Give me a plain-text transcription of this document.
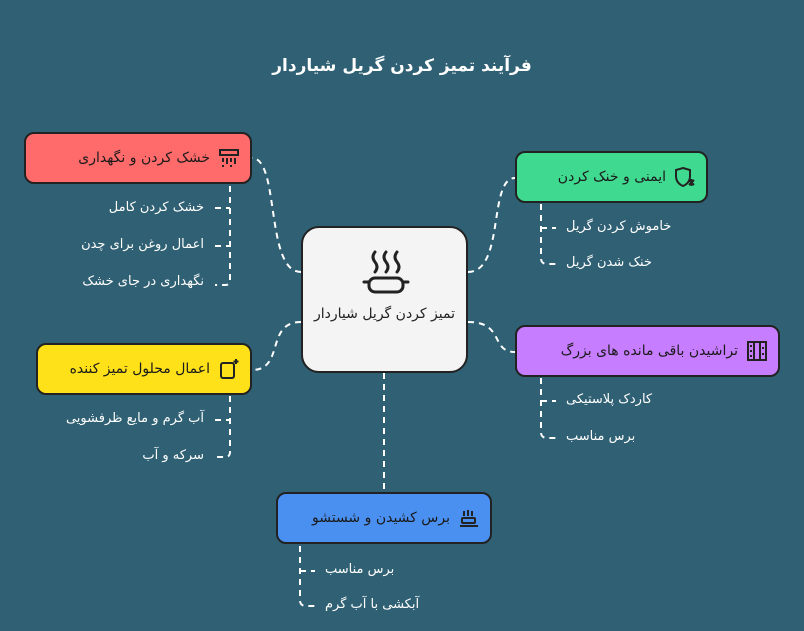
فرآیند تمیز کردن گریل شیاردار
تمیز کردن گریل شیاردار
خشک کردن و نگهداری
خشک کردن کامل
اعمال روغن برای چدن
نگهداری در جای خشک
ایمنی و خنک کردن
خاموش کردن گریل
خنک شدن گریل
اعمال محلول تمیز کننده
آب گرم و مایع ظرفشویی
سرکه و آب
تراشیدن باقی مانده های بزرگ
کاردک پلاستیکی
برس مناسب
برس کشیدن و شستشو
برس مناسب
آبکشی با آب گرم
